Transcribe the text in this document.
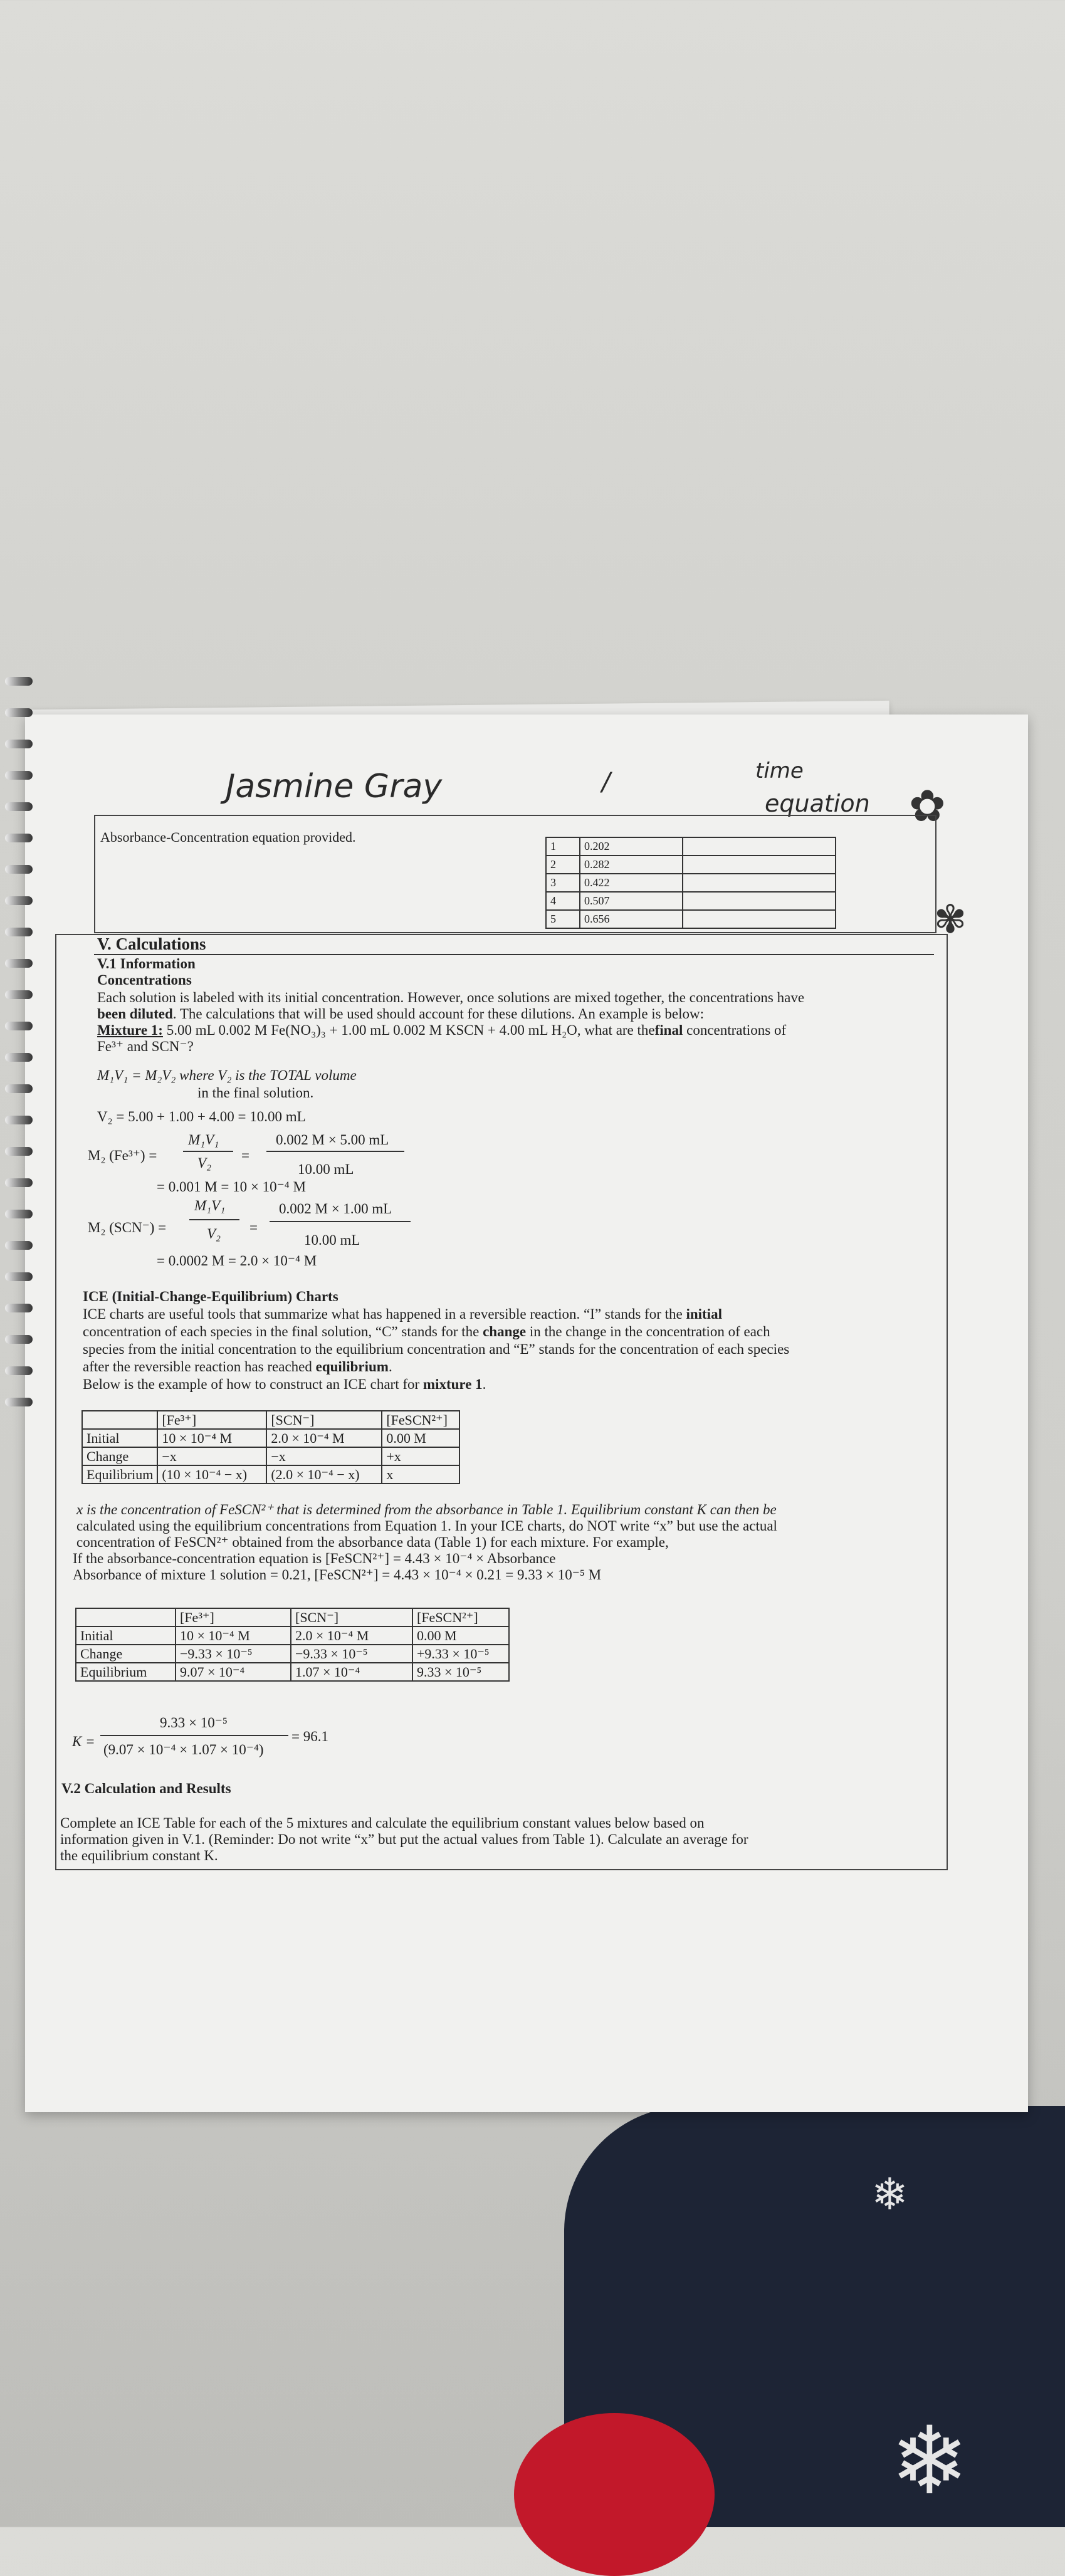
❄
❄
Jasmine Gray	/	time
equation ✿
✾
Absorbance-Concentration equation provided.
1	0.202	
2	0.282	
3	0.422	
4	0.507	
5	0.656	
V. Calculations
V.1 Information
Concentrations
Each solution is labeled with its initial concentration. However, once solutions are mixed together, the concentrations have
been diluted. The calculations that will be used should account for these dilutions. An example is below:
Mixture 1: 5.00 mL 0.002 M Fe(NO₃)₃ + 1.00 mL 0.002 M KSCN + 4.00 mL H₂O, what are thefinal concentrations of
Fe³⁺ and SCN⁻?
M₁V₁ = M₂V₂ where V₂ is the TOTAL volume
in the final solution.
V₂ = 5.00 + 1.00 + 4.00 = 10.00 mL
M₂ (Fe³⁺) =
M₁V₁
V₂ =
0.002 M × 5.00 mL
10.00 mL
= 0.001 M = 10 × 10⁻⁴ M
M₂ (SCN⁻) =
M₁V₁
V₂ =
0.002 M × 1.00 mL
10.00 mL
= 0.0002 M = 2.0 × 10⁻⁴ M
ICE (Initial-Change-Equilibrium) Charts
ICE charts are useful tools that summarize what has happened in a reversible reaction. “I” stands for the initial
concentration of each species in the final solution, “C” stands for the change in the change in the concentration of each
species from the initial concentration to the equilibrium concentration and “E” stands for the concentration of each species
after the reversible reaction has reached equilibrium.
Below is the example of how to construct an ICE chart for mixture 1.
	[Fe³⁺]	[SCN⁻]	[FeSCN²⁺]
Initial	10 × 10⁻⁴ M	2.0 × 10⁻⁴ M	0.00 M
Change	−x	−x	+x
Equilibrium	(10 × 10⁻⁴ − x)	(2.0 × 10⁻⁴ − x)	x
x is the concentration of FeSCN²⁺ that is determined from the absorbance in Table 1. Equilibrium constant K can then be
calculated using the equilibrium concentrations from Equation 1. In your ICE charts, do NOT write “x” but use the actual
concentration of FeSCN²⁺ obtained from the absorbance data (Table 1) for each mixture. For example,
If the absorbance-concentration equation is [FeSCN²⁺] = 4.43 × 10⁻⁴ × Absorbance
Absorbance of mixture 1 solution = 0.21, [FeSCN²⁺] = 4.43 × 10⁻⁴ × 0.21 = 9.33 × 10⁻⁵ M
	[Fe³⁺]	[SCN⁻]	[FeSCN²⁺]
Initial	10 × 10⁻⁴ M	2.0 × 10⁻⁴ M	0.00 M
Change	−9.33 × 10⁻⁵	−9.33 × 10⁻⁵	+9.33 × 10⁻⁵
Equilibrium	9.07 × 10⁻⁴	1.07 × 10⁻⁴	9.33 × 10⁻⁵
K =
9.33 × 10⁻⁵
(9.07 × 10⁻⁴ × 1.07 × 10⁻⁴)
= 96.1
V.2 Calculation and Results
Complete an ICE Table for each of the 5 mixtures and calculate the equilibrium constant values below based on
information given in V.1. (Reminder: Do not write “x” but put the actual values from Table 1). Calculate an average for
the equilibrium constant K.
